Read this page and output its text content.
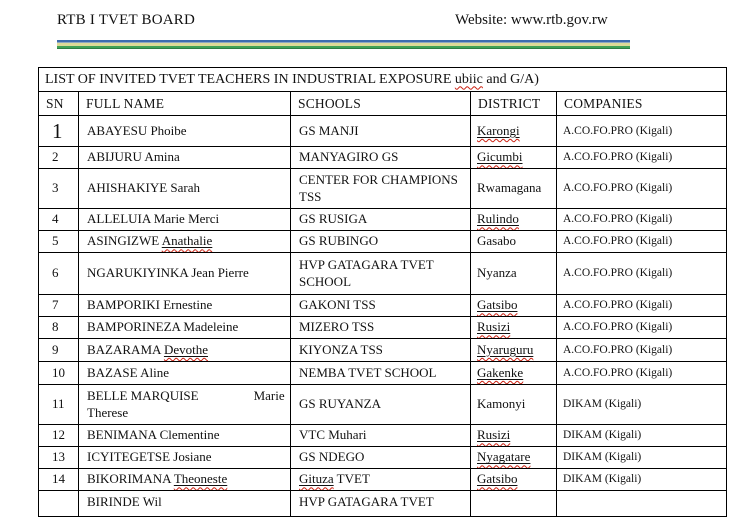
RTB I TVET BOARD	Website: www.rtb.gov.rw
LIST OF INVITED TVET TEACHERS IN INDUSTRIAL EXPOSURE ubiic and G/A)				
SN	FULL NAME	SCHOOLS	DISTRICT	COMPANIES
1	ABAYESU Phoibe	GS MANJI	Karongi	A.CO.FO.PRO (Kigali)
2	ABIJURU Amina	MANYAGIRO GS	Gicumbi	A.CO.FO.PRO (Kigali)
3	AHISHAKIYE Sarah	CENTER FOR CHAMPIONS TSS	Rwamagana	A.CO.FO.PRO (Kigali)
4	ALLELUIA Marie Merci	GS RUSIGA	Rulindo	A.CO.FO.PRO (Kigali)
5	ASINGIZWE Anathalie	GS RUBINGO	Gasabo	A.CO.FO.PRO (Kigali)
6	NGARUKIYINKA Jean Pierre	HVP GATAGARA TVET SCHOOL	Nyanza	A.CO.FO.PRO (Kigali)
7	BAMPORIKI Ernestine	GAKONI TSS	Gatsibo	A.CO.FO.PRO (Kigali)
8	BAMPORINEZA Madeleine	MIZERO TSS	Rusizi	A.CO.FO.PRO (Kigali)
9	BAZARAMA Devothe	KIYONZA TSS	Nyaruguru	A.CO.FO.PRO (Kigali)
10	BAZASE Aline	NEMBA TVET SCHOOL	Gakenke	A.CO.FO.PRO (Kigali)
11	BELLE MARQUISE Marie
Therese	GS RUYANZA	Kamonyi	DIKAM (Kigali)
12	BENIMANA Clementine	VTC Muhari	Rusizi	DIKAM (Kigali)
13	ICYITEGETSE Josiane	GS NDEGO	Nyagatare	DIKAM (Kigali)
14	BIKORIMANA Theoneste	Gituza TVET	Gatsibo	DIKAM (Kigali)
	BIRINDE Wil	HVP GATAGARA TVET		
